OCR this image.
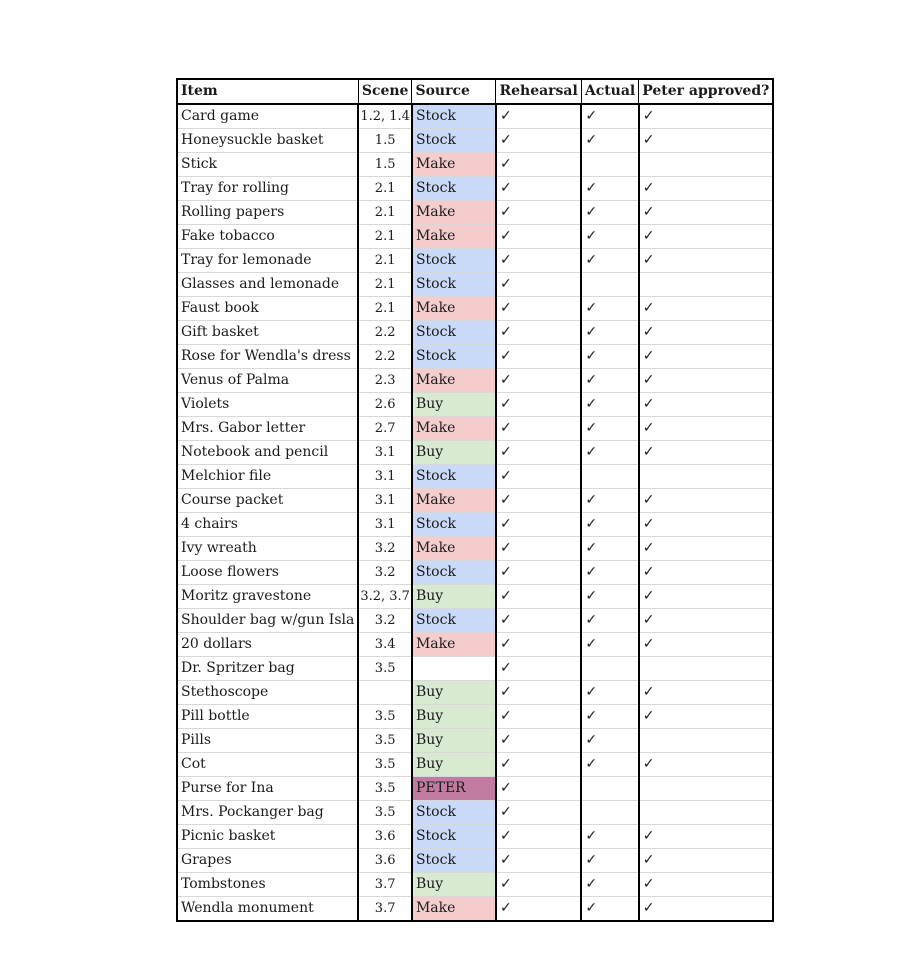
Item	Scene	Source	Rehearsal	Actual	Peter approved?
Card game	1.2, 1.4	Stock	✓	✓	✓
Honeysuckle basket	1.5	Stock	✓	✓	✓
Stick	1.5	Make	✓		
Tray for rolling	2.1	Stock	✓	✓	✓
Rolling papers	2.1	Make	✓	✓	✓
Fake tobacco	2.1	Make	✓	✓	✓
Tray for lemonade	2.1	Stock	✓	✓	✓
Glasses and lemonade	2.1	Stock	✓		
Faust book	2.1	Make	✓	✓	✓
Gift basket	2.2	Stock	✓	✓	✓
Rose for Wendla's dress	2.2	Stock	✓	✓	✓
Venus of Palma	2.3	Make	✓	✓	✓
Violets	2.6	Buy	✓	✓	✓
Mrs. Gabor letter	2.7	Make	✓	✓	✓
Notebook and pencil	3.1	Buy	✓	✓	✓
Melchior file	3.1	Stock	✓		
Course packet	3.1	Make	✓	✓	✓
4 chairs	3.1	Stock	✓	✓	✓
Ivy wreath	3.2	Make	✓	✓	✓
Loose flowers	3.2	Stock	✓	✓	✓
Moritz gravestone	3.2, 3.7	Buy	✓	✓	✓
Shoulder bag w/gun Isla	3.2	Stock	✓	✓	✓
20 dollars	3.4	Make	✓	✓	✓
Dr. Spritzer bag	3.5		✓		
Stethoscope		Buy	✓	✓	✓
Pill bottle	3.5	Buy	✓	✓	✓
Pills	3.5	Buy	✓	✓	
Cot	3.5	Buy	✓	✓	✓
Purse for Ina	3.5	PETER	✓		
Mrs. Pockanger bag	3.5	Stock	✓		
Picnic basket	3.6	Stock	✓	✓	✓
Grapes	3.6	Stock	✓	✓	✓
Tombstones	3.7	Buy	✓	✓	✓
Wendla monument	3.7	Make	✓	✓	✓
